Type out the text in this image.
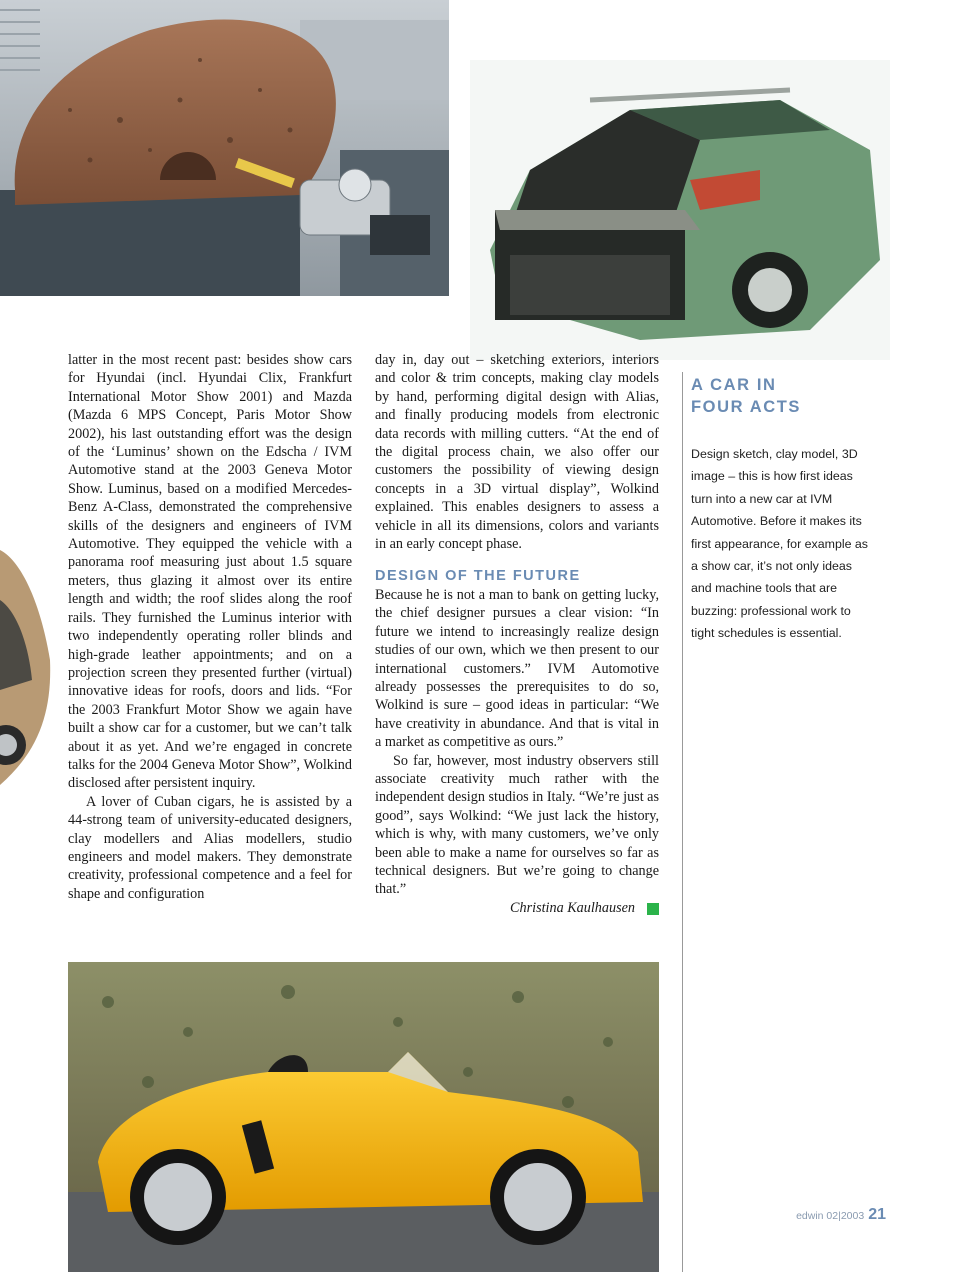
latter in the most recent past: besides show cars for Hyundai (incl. Hyundai Clix, Frankfurt International Motor Show 2001) and Mazda (Mazda 6 MPS Concept, Paris Motor Show 2002), his last outstanding effort was the design of the ‘Luminus’ shown on the Edscha / IVM Automotive stand at the 2003 Geneva Motor Show. Luminus, based on a modified Mercedes-Benz A-Class, demonstrated the comprehensive skills of the designers and engineers of IVM Automotive. They equipped the vehicle with a panorama roof measuring just about 1.5 square meters, thus glazing it almost over its entire length and width; the roof slides along the roof rails. They furnished the Luminus interior with two independently operating roller blinds and high-grade leather appointments; and on a projection screen they presented further (virtual) innovative ideas for roofs, doors and lids. “For the 2003 Frankfurt Motor Show we again have built a show car for a customer, but we can’t talk about it as yet. And we’re engaged in concrete talks for the 2004 Geneva Motor Show”, Wolkind disclosed after persistent inquiry.

A lover of Cuban cigars, he is assisted by a 44-strong team of university-educated designers, clay modellers and Alias modellers, studio engineers and model makers. They demonstrate creativity, professional competence and a feel for shape and configuration

day in, day out – sketching exteriors, interiors and color & trim concepts, making clay models by hand, performing digital design with Alias, and finally producing models from electronic data records with milling cutters. “At the end of the digital process chain, we also offer our customers the possibility of viewing design concepts in a 3D virtual display”, Wolkind explained. This enables designers to assess a vehicle in all its dimensions, colors and variants in an early concept phase.

DESIGN OF THE FUTURE

Because he is not a man to bank on getting lucky, the chief designer pursues a clear vision: “In future we intend to increasingly realize design studies of our own, which we then present to our international customers.” IVM Automotive already possesses the prerequisites to do so, Wolkind is sure – good ideas in particular: “We have creativity in abundance. And that is vital in a market as competitive as ours.”

So far, however, most industry observers still associate creativity much rather with the independent design studios in Italy. “We’re just as good”, says Wolkind: “We just lack the history, which is why, with many customers, we’ve only been able to make a name for ourselves so far as technical designers. But we’re going to change that.”

Christina Kaulhausen

A CAR IN
FOUR ACTS
Design sketch, clay model, 3D image – this is how first ideas turn into a new car at IVM Automotive. Before it makes its first appearance, for example as a show car, it’s not only ideas and machine tools that are buzzing: professional work to tight schedules is essential.
edwin 02|2003 21
